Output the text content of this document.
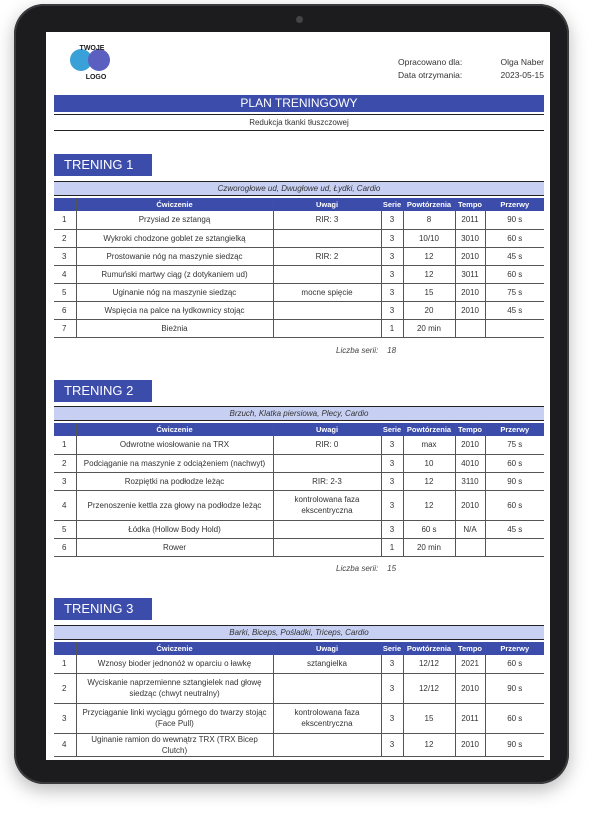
TWOJE
LOGO
Opracowano dla:
Data otrzymania:
Olga Naber
2023-05-15
PLAN TRENINGOWY
Redukcja tkanki tłuszczowej
TRENING 1
Czworogłowe ud, Dwugłowe ud, Łydki, Cardio
	Ćwiczenie	Uwagi	Serie	Powtórzenia	Tempo	Przerwy
1	Przysiad ze sztangą	RIR: 3	3	8	2011	90 s
2	Wykroki chodzone goblet ze sztangielką		3	10/10	3010	60 s
3	Prostowanie nóg na maszynie siedząc	RIR: 2	3	12	2010	45 s
4	Rumuński martwy ciąg (z dotykaniem ud)		3	12	3011	60 s
5	Uginanie nóg na maszynie siedząc	mocne spięcie	3	15	2010	75 s
6	Wspięcia na palce na łydkownicy stojąc		3	20	2010	45 s
7	Bieżnia		1	20 min		
Liczba serii:    18
TRENING 2
Brzuch, Klatka piersiowa, Plecy, Cardio
	Ćwiczenie	Uwagi	Serie	Powtórzenia	Tempo	Przerwy
1	Odwrotne wiosłowanie na TRX	RIR: 0	3	max	2010	75 s
2	Podciąganie na maszynie z odciążeniem (nachwyt)		3	10	4010	60 s
3	Rozpiętki na podłodze leżąc	RIR: 2-3	3	12	3110	90 s
4	Przenoszenie kettla zza głowy na podłodze leżąc	kontrolowana faza ekscentryczna	3	12	2010	60 s
5	Łódka (Hollow Body Hold)		3	60 s	N/A	45 s
6	Rower		1	20 min		
Liczba serii:    15
TRENING 3
Barki, Biceps, Pośladki, Triceps, Cardio
	Ćwiczenie	Uwagi	Serie	Powtórzenia	Tempo	Przerwy
1	Wznosy bioder jednonóż w oparciu o ławkę	sztangielka	3	12/12	2021	60 s
2	Wyciskanie naprzemienne sztangielek nad głowę siedząc (chwyt neutralny)		3	12/12	2010	90 s
3	Przyciąganie linki wyciągu górnego do twarzy stojąc (Face Pull)	kontrolowana faza ekscentryczna	3	15	2011	60 s
4	Uginanie ramion do wewnątrz TRX (TRX Bicep Clutch)		3	12	2010	90 s
